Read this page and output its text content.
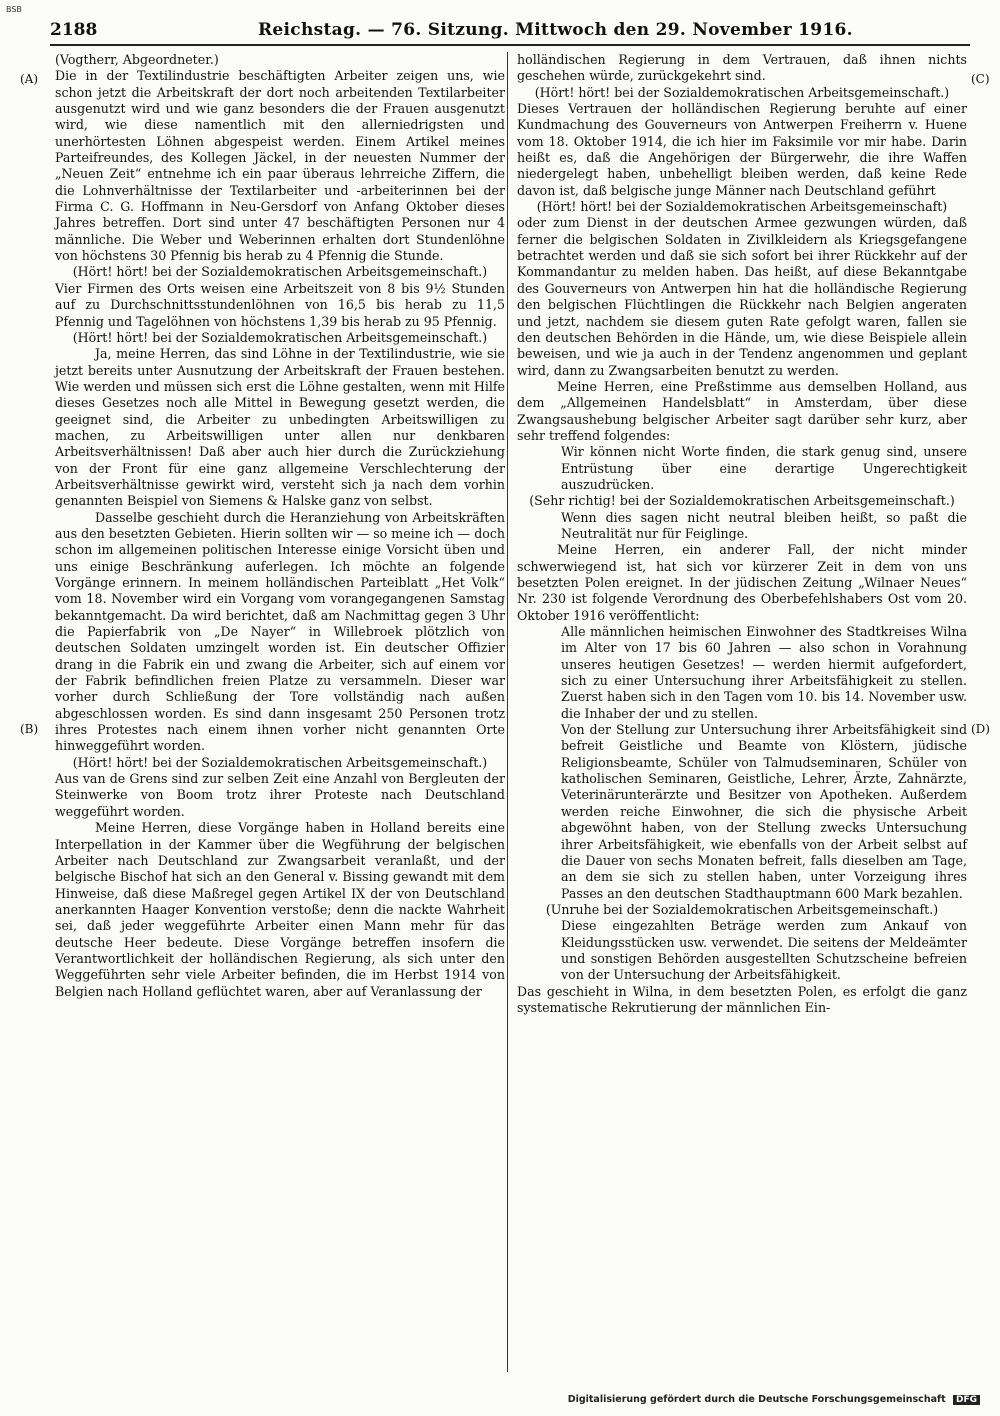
BSB
2188	Reichstag. — 76. Sitzung. Mittwoch den 29. November 1916.
(A)
(B)
(C)
(D)

(Vogtherr, Abgeordneter.)

Die in der Textilindustrie beschäftigten Arbeiter zeigen uns, wie schon jetzt die Arbeitskraft der dort noch arbeitenden Textilarbeiter ausgenutzt wird und wie ganz besonders die der Frauen ausgenutzt wird, wie diese namentlich mit den allerniedrigsten und unerhörtesten Löhnen abgespeist werden. Einem Artikel meines Parteifreundes, des Kollegen Jäckel, in der neuesten Nummer der „Neuen Zeit“ entnehme ich ein paar überaus lehrreiche Ziffern, die die Lohnverhältnisse der Textilarbeiter und -arbeiterinnen bei der Firma C. G. Hoffmann in Neu-Gersdorf von Anfang Oktober dieses Jahres betreffen. Dort sind unter 47 beschäftigten Personen nur 4 männliche. Die Weber und Weberinnen erhalten dort Stundenlöhne von höchstens 30 Pfennig bis herab zu 4 Pfennig die Stunde.

(Hört! hört! bei der Sozialdemokratischen Arbeitsgemeinschaft.)

Vier Firmen des Orts weisen eine Arbeitszeit von 8 bis 9½ Stunden auf zu Durchschnittsstundenlöhnen von 16,5 bis herab zu 11,5 Pfennig und Tagelöhnen von höchstens 1,39 bis herab zu 95 Pfennig.

(Hört! hört! bei der Sozialdemokratischen Arbeitsgemeinschaft.)

Ja, meine Herren, das sind Löhne in der Textilindustrie, wie sie jetzt bereits unter Ausnutzung der Arbeitskraft der Frauen bestehen. Wie werden und müssen sich erst die Löhne gestalten, wenn mit Hilfe dieses Gesetzes noch alle Mittel in Bewegung gesetzt werden, die geeignet sind, die Arbeiter zu unbedingten Arbeitswilligen zu machen, zu Arbeitswilligen unter allen nur denkbaren Arbeitsverhältnissen! Daß aber auch hier durch die Zurückziehung von der Front für eine ganz allgemeine Verschlechterung der Arbeitsverhältnisse gewirkt wird, versteht sich ja nach dem vorhin genannten Beispiel von Siemens & Halske ganz von selbst.

Dasselbe geschieht durch die Heranziehung von Arbeitskräften aus den besetzten Gebieten. Hierin sollten wir — so meine ich — doch schon im allgemeinen politischen Interesse einige Vorsicht üben und uns einige Beschränkung auferlegen. Ich möchte an folgende Vorgänge erinnern. In meinem holländischen Parteiblatt „Het Volk“ vom 18. November wird ein Vorgang vom vorangegangenen Samstag bekanntgemacht. Da wird berichtet, daß am Nachmittag gegen 3 Uhr die Papierfabrik von „De Nayer“ in Willebroek plötzlich von deutschen Soldaten umzingelt worden ist. Ein deutscher Offizier drang in die Fabrik ein und zwang die Arbeiter, sich auf einem vor der Fabrik befindlichen freien Platze zu versammeln. Dieser war vorher durch Schließung der Tore vollständig nach außen abgeschlossen worden. Es sind dann insgesamt 250 Personen trotz ihres Protestes nach einem ihnen vorher nicht genannten Orte hinweggeführt worden.

(Hört! hört! bei der Sozialdemokratischen Arbeitsgemeinschaft.)

Aus van de Grens sind zur selben Zeit eine Anzahl von Bergleuten der Steinwerke von Boom trotz ihrer Proteste nach Deutschland weggeführt worden.

Meine Herren, diese Vorgänge haben in Holland bereits eine Interpellation in der Kammer über die Wegführung der belgischen Arbeiter nach Deutschland zur Zwangsarbeit veranlaßt, und der belgische Bischof hat sich an den General v. Bissing gewandt mit dem Hinweise, daß diese Maßregel gegen Artikel IX der von Deutschland anerkannten Haager Konvention verstoße; denn die nackte Wahrheit sei, daß jeder weggeführte Arbeiter einen Mann mehr für das deutsche Heer bedeute. Diese Vorgänge betreffen insofern die Verantwortlichkeit der holländischen Regierung, als sich unter den Weggeführten sehr viele Arbeiter befinden, die im Herbst 1914 von Belgien nach Holland geflüchtet waren, aber auf Veranlassung der

holländischen Regierung in dem Vertrauen, daß ihnen nichts geschehen würde, zurückgekehrt sind.

(Hört! hört! bei der Sozialdemokratischen Arbeitsgemeinschaft.)

Dieses Vertrauen der holländischen Regierung beruhte auf einer Kundmachung des Gouverneurs von Antwerpen Freiherrn v. Huene vom 18. Oktober 1914, die ich hier im Faksimile vor mir habe. Darin heißt es, daß die Angehörigen der Bürgerwehr, die ihre Waffen niedergelegt haben, unbehelligt bleiben werden, daß keine Rede davon ist, daß belgische junge Männer nach Deutschland geführt

(Hört! hört! bei der Sozialdemokratischen Arbeitsgemeinschaft)

oder zum Dienst in der deutschen Armee gezwungen würden, daß ferner die belgischen Soldaten in Zivilkleidern als Kriegsgefangene betrachtet werden und daß sie sich sofort bei ihrer Rückkehr auf der Kommandantur zu melden haben. Das heißt, auf diese Bekanntgabe des Gouverneurs von Antwerpen hin hat die holländische Regierung den belgischen Flüchtlingen die Rückkehr nach Belgien angeraten und jetzt, nachdem sie diesem guten Rate gefolgt waren, fallen sie den deutschen Behörden in die Hände, um, wie diese Beispiele allein beweisen, und wie ja auch in der Tendenz angenommen und geplant wird, dann zu Zwangsarbeiten benutzt zu werden.

Meine Herren, eine Preßstimme aus demselben Holland, aus dem „Allgemeinen Handelsblatt“ in Amsterdam, über diese Zwangsaushebung belgischer Arbeiter sagt darüber sehr kurz, aber sehr treffend folgendes:

Wir können nicht Worte finden, die stark genug sind, unsere Entrüstung über eine derartige Ungerechtigkeit auszudrücken.

(Sehr richtig! bei der Sozialdemokratischen Arbeitsgemeinschaft.)

Wenn dies sagen nicht neutral bleiben heißt, so paßt die Neutralität nur für Feiglinge.

Meine Herren, ein anderer Fall, der nicht minder schwerwiegend ist, hat sich vor kürzerer Zeit in dem von uns besetzten Polen ereignet. In der jüdischen Zeitung „Wilnaer Neues“ Nr. 230 ist folgende Verordnung des Oberbefehlshabers Ost vom 20. Oktober 1916 veröffentlicht:

Alle männlichen heimischen Einwohner des Stadtkreises Wilna im Alter von 17 bis 60 Jahren — also schon in Vorahnung unseres heutigen Gesetzes! — werden hiermit aufgefordert, sich zu einer Untersuchung ihrer Arbeitsfähigkeit zu stellen. Zuerst haben sich in den Tagen vom 10. bis 14. November usw. die Inhaber der und zu stellen.

Von der Stellung zur Untersuchung ihrer Arbeitsfähigkeit sind befreit Geistliche und Beamte von Klöstern, jüdische Religionsbeamte, Schüler von Talmudseminaren, Schüler von katholischen Seminaren, Geistliche, Lehrer, Ärzte, Zahnärzte, Veterinärunterärzte und Besitzer von Apotheken. Außerdem werden reiche Einwohner, die sich die physische Arbeit abgewöhnt haben, von der Stellung zwecks Untersuchung ihrer Arbeitsfähigkeit, wie ebenfalls von der Arbeit selbst auf die Dauer von sechs Monaten befreit, falls dieselben am Tage, an dem sie sich zu stellen haben, unter Vorzeigung ihres Passes an den deutschen Stadthauptmann 600 Mark bezahlen.

(Unruhe bei der Sozialdemokratischen Arbeitsgemeinschaft.)

Diese eingezahlten Beträge werden zum Ankauf von Kleidungsstücken usw. verwendet. Die seitens der Meldeämter und sonstigen Behörden ausgestellten Schutzscheine befreien von der Untersuchung der Arbeitsfähigkeit.

Das geschieht in Wilna, in dem besetzten Polen, es erfolgt die ganz systematische Rekrutierung der männlichen Ein-

Digitalisierung gefördert durch die Deutsche Forschungsgemeinschaft DFG
